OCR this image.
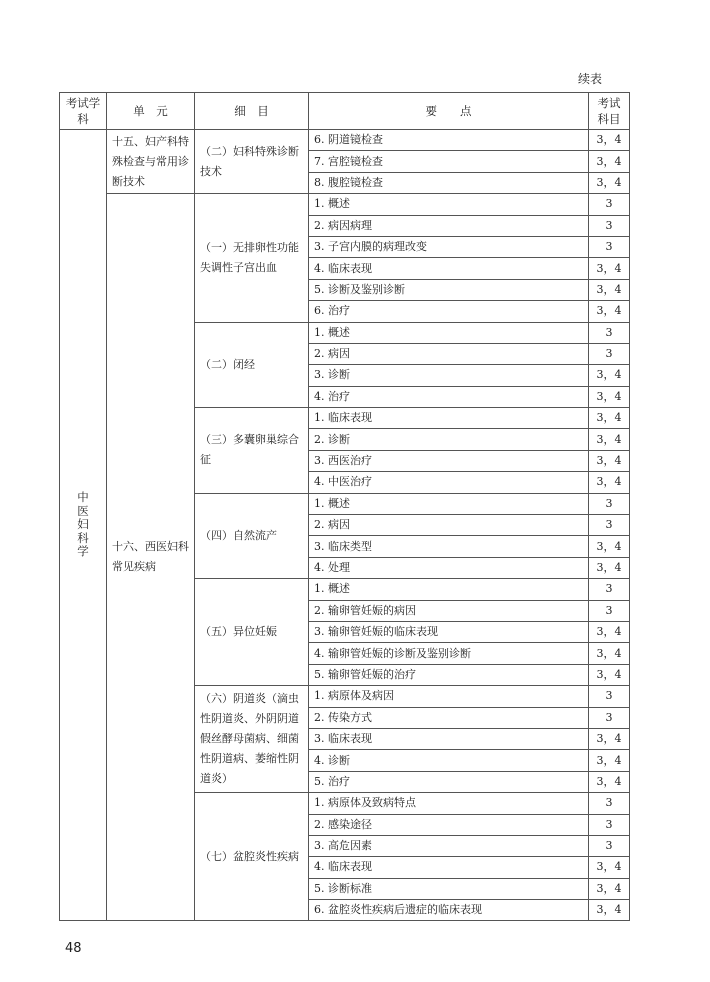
续表
考试学科	单　元	细　目	要　　点	考试科目

中医妇科学	十五、妇产科特殊检查与常用诊断技术	（二）妇科特殊诊断技术	6. 阴道镜检查	3，4
			7. 宫腔镜检查	3，4
			8. 腹腔镜检查	3，4
	十六、西医妇科常见疾病	（一）无排卵性功能失调性子宫出血	1. 概述	3
			2. 病因病理	3
			3. 子宫内膜的病理改变	3
			4. 临床表现	3，4
			5. 诊断及鉴别诊断	3，4
			6. 治疗	3，4
		（二）闭经	1. 概述	3
			2. 病因	3
			3. 诊断	3，4
			4. 治疗	3，4
		（三）多囊卵巢综合征	1. 临床表现	3，4
			2. 诊断	3，4
			3. 西医治疗	3，4
			4. 中医治疗	3，4
		（四）自然流产	1. 概述	3
			2. 病因	3
			3. 临床类型	3，4
			4. 处理	3，4
		（五）异位妊娠	1. 概述	3
			2. 输卵管妊娠的病因	3
			3. 输卵管妊娠的临床表现	3，4
			4. 输卵管妊娠的诊断及鉴别诊断	3，4
			5. 输卵管妊娠的治疗	3，4
		（六）阴道炎（滴虫性阴道炎、外阴阴道假丝酵母菌病、细菌性阴道病、萎缩性阴道炎）	1. 病原体及病因	3
			2. 传染方式	3
			3. 临床表现	3，4
			4. 诊断	3，4
			5. 治疗	3，4
		（七）盆腔炎性疾病	1. 病原体及致病特点	3
			2. 感染途径	3
			3. 高危因素	3
			4. 临床表现	3，4
			5. 诊断标准	3，4
			6. 盆腔炎性疾病后遗症的临床表现	3，4
48
